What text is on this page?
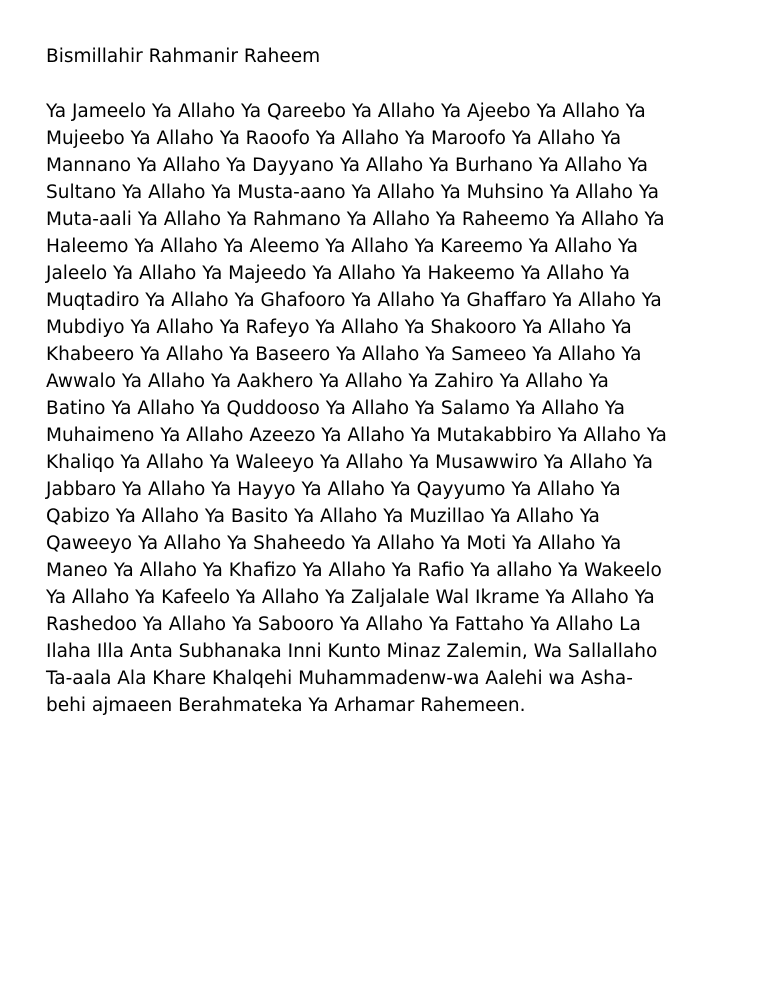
Bismillahir Rahmanir Raheem

Ya Jameelo Ya Allaho Ya Qareebo Ya Allaho Ya Ajeebo Ya Allaho Ya

Mujeebo Ya Allaho Ya Raoofo Ya Allaho Ya Maroofo Ya Allaho Ya

Mannano Ya Allaho Ya Dayyano Ya Allaho Ya Burhano Ya Allaho Ya

Sultano Ya Allaho Ya Musta-aano Ya Allaho Ya Muhsino Ya Allaho Ya

Muta-aali Ya Allaho Ya Rahmano Ya Allaho Ya Raheemo Ya Allaho Ya

Haleemo Ya Allaho Ya Aleemo Ya Allaho Ya Kareemo Ya Allaho Ya

Jaleelo Ya Allaho Ya Majeedo Ya Allaho Ya Hakeemo Ya Allaho Ya

Muqtadiro Ya Allaho Ya Ghafooro Ya Allaho Ya Ghaffaro Ya Allaho Ya

Mubdiyo Ya Allaho Ya Rafeyo Ya Allaho Ya Shakooro Ya Allaho Ya

Khabeero Ya Allaho Ya Baseero Ya Allaho Ya Sameeo Ya Allaho Ya

Awwalo Ya Allaho Ya Aakhero Ya Allaho Ya Zahiro Ya Allaho Ya

Batino Ya Allaho Ya Quddooso Ya Allaho Ya Salamo Ya Allaho Ya

Muhaimeno Ya Allaho Azeezo Ya Allaho Ya Mutakabbiro Ya Allaho Ya

Khaliqo Ya Allaho Ya Waleeyo Ya Allaho Ya Musawwiro Ya Allaho Ya

Jabbaro Ya Allaho Ya Hayyo Ya Allaho Ya Qayyumo Ya Allaho Ya

Qabizo Ya Allaho Ya Basito Ya Allaho Ya Muzillao Ya Allaho Ya

Qaweeyo Ya Allaho Ya Shaheedo Ya Allaho Ya Moti Ya Allaho Ya

Maneo Ya Allaho Ya Khafizo Ya Allaho Ya Rafio Ya allaho Ya Wakeelo

Ya Allaho Ya Kafeelo Ya Allaho Ya Zaljalale Wal Ikrame Ya Allaho Ya

Rashedoo Ya Allaho Ya Sabooro Ya Allaho Ya Fattaho Ya Allaho La

Ilaha Illa Anta Subhanaka Inni Kunto Minaz Zalemin, Wa Sallallaho

Ta-aala Ala Khare Khalqehi Muhammadenw-wa Aalehi wa Asha-

behi ajmaeen Berahmateka Ya Arhamar Rahemeen.
